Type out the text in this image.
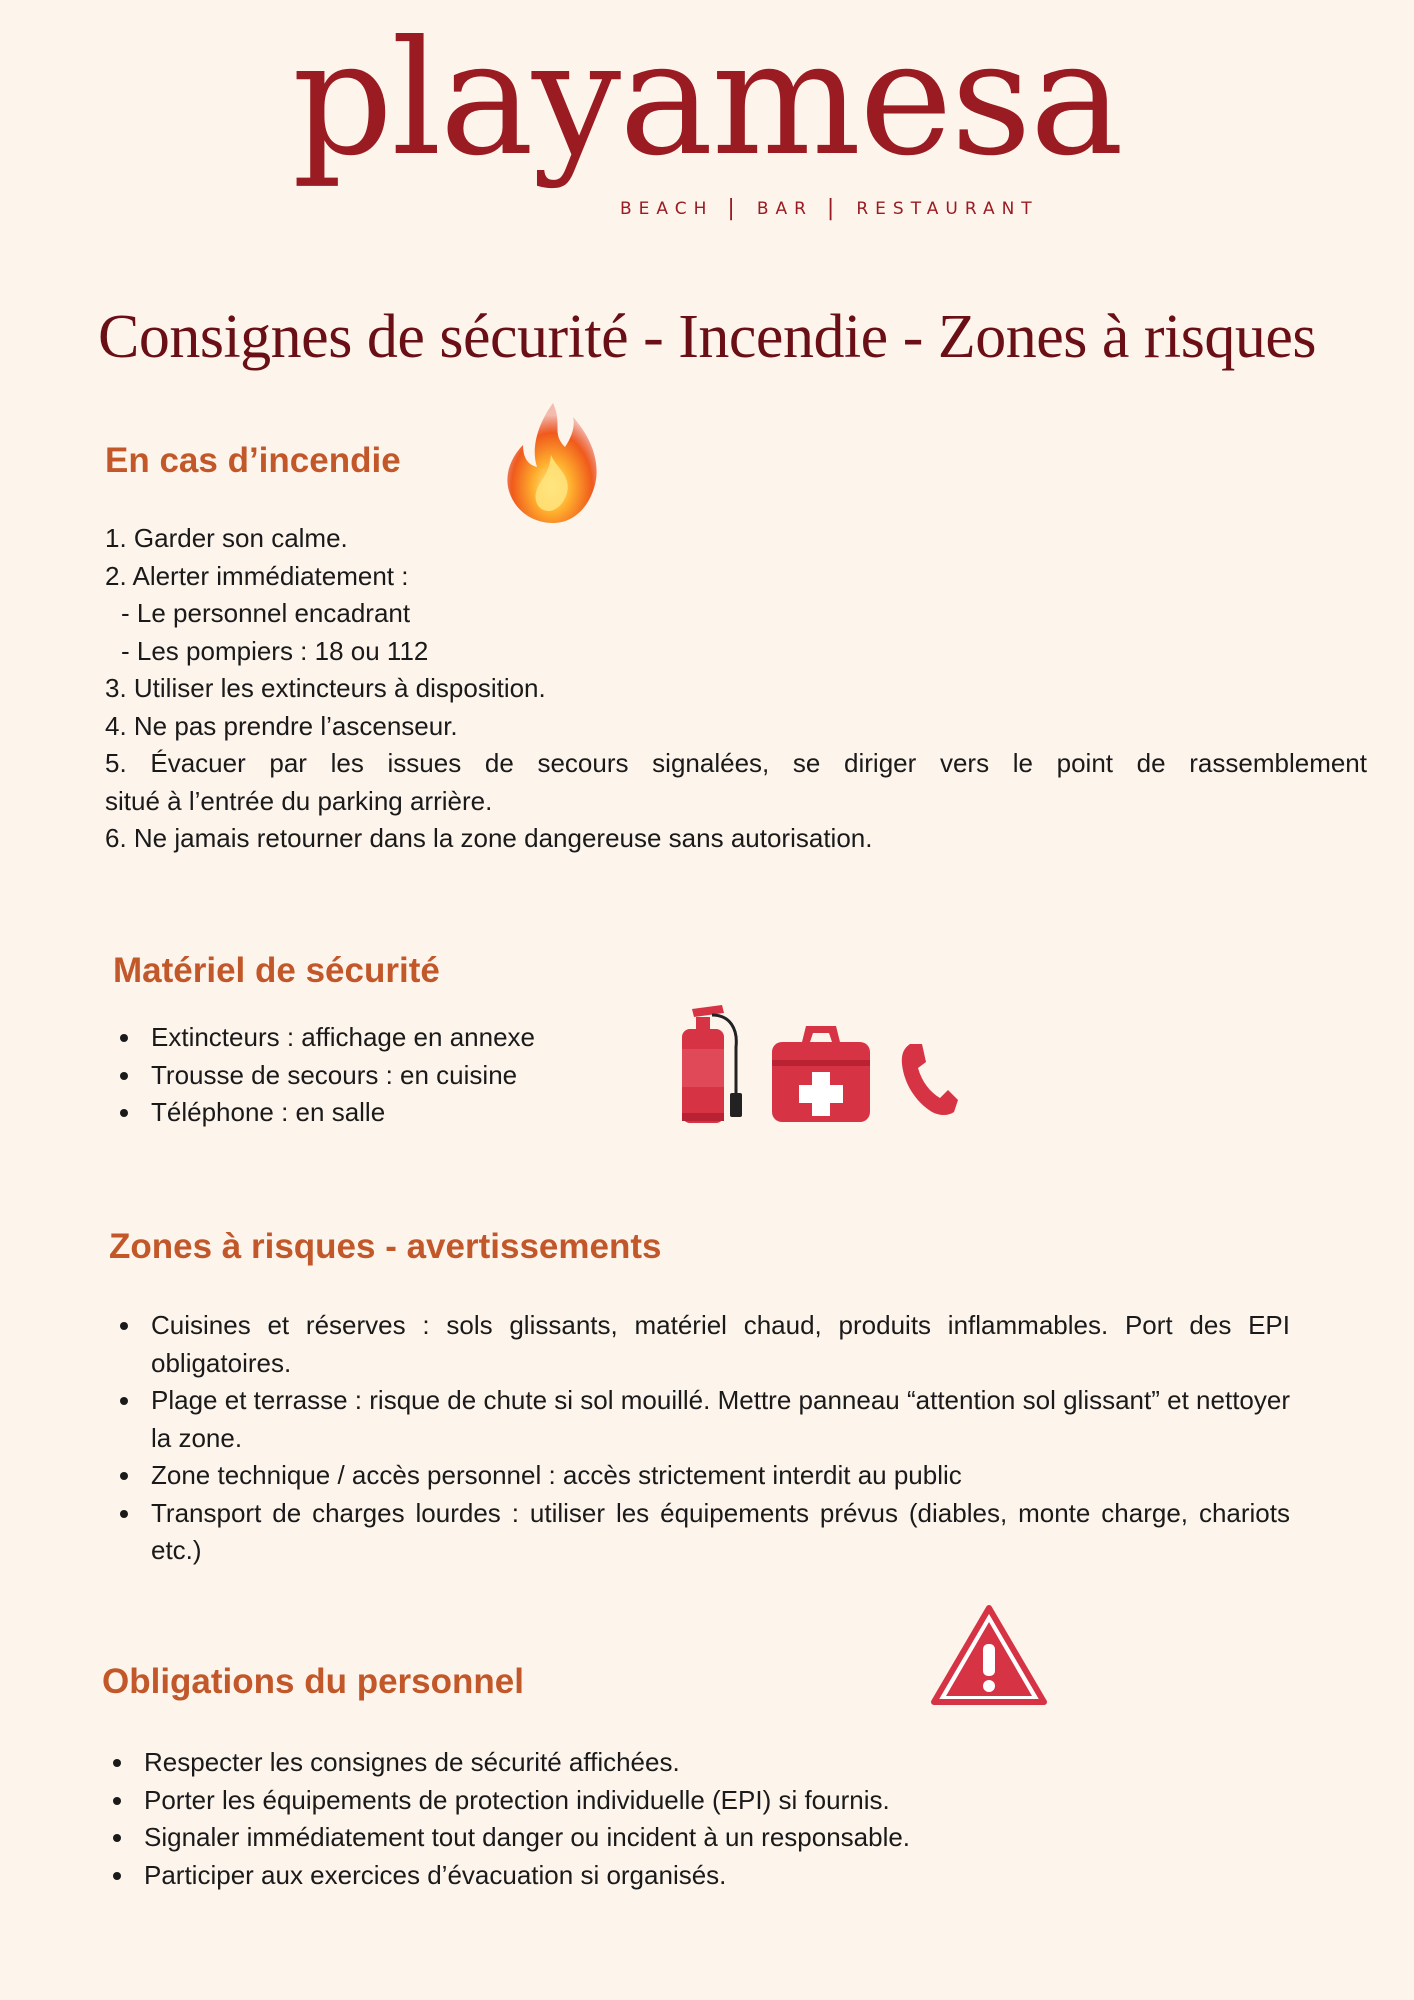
playamesa
BEACH | BAR | RESTAURANT
Consignes de sécurité - Incendie - Zones à risques
En cas d’incendie
1. Garder son calme.
2. Alerter immédiatement :
- Le personnel encadrant
- Les pompiers : 18 ou 112
3. Utiliser les extincteurs à disposition.
4. Ne pas prendre l’ascenseur.
5. Évacuer par les issues de secours signalées, se diriger vers le point de rassemblement
situé à l’entrée du parking arrière.
6. Ne jamais retourner dans la zone dangereuse sans autorisation.
Matériel de sécurité
Extincteurs : affichage en annexe
Trousse de secours : en cuisine
Téléphone : en salle
Zones à risques - avertissements
Cuisines et réserves : sols glissants, matériel chaud, produits inflammables. Port des EPI obligatoires.
Plage et terrasse : risque de chute si sol mouillé. Mettre panneau “attention sol glissant” et nettoyer la zone.
Zone technique / accès personnel : accès strictement interdit au public
Transport de charges lourdes : utiliser les équipements prévus (diables, monte charge, chariots etc.)
Obligations du personnel
Respecter les consignes de sécurité affichées.
Porter les équipements de protection individuelle (EPI) si fournis.
Signaler immédiatement tout danger ou incident à un responsable.
Participer aux exercices d’évacuation si organisés.
